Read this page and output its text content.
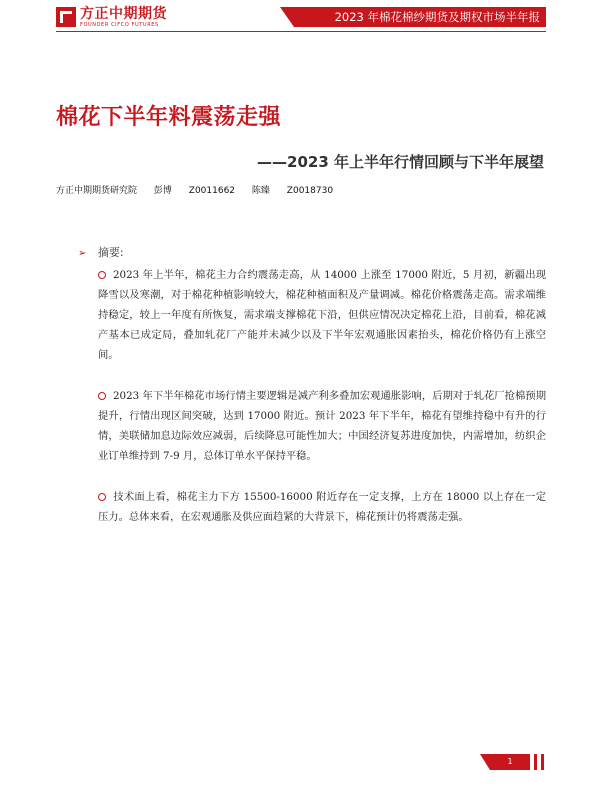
方正中期期货
FOUNDER CIFCO FUTURES
2023 年棉花棉纱期货及期权市场半年报
棉花下半年料震荡走强
——2023 年上半年行情回顾与下半年展望
方正中期期货研究院 彭博 Z0011662 陈臻 Z0018730
➢ 摘要:
2023 年上半年，棉花主力合约震荡走高，从 14000 上涨至 17000 附近，5 月初，新疆出现降雪以及寒潮，对于棉花种植影响较大，棉花种植面积及产量调减。棉花价格震荡走高。需求端维持稳定，较上一年度有所恢复，需求端支撑棉花下沿，但供应情况决定棉花上沿，目前看，棉花减产基本已成定局，叠加轧花厂产能并未减少以及下半年宏观通胀因素抬头，棉花价格仍有上涨空间。
2023 年下半年棉花市场行情主要逻辑是减产利多叠加宏观通胀影响，后期对于轧花厂抢棉预期提升，行情出现区间突破，达到 17000 附近。预计 2023 年下半年，棉花有望维持稳中有升的行情，美联储加息边际效应减弱，后续降息可能性加大；中国经济复苏进度加快，内需增加，纺织企业订单维持到 7-9 月，总体订单水平保持平稳。
技术面上看，棉花主力下方 15500-16000 附近存在一定支撑，上方在 18000 以上存在一定压力。总体来看，在宏观通胀及供应面趋紧的大背景下，棉花预计仍将震荡走强。
1
